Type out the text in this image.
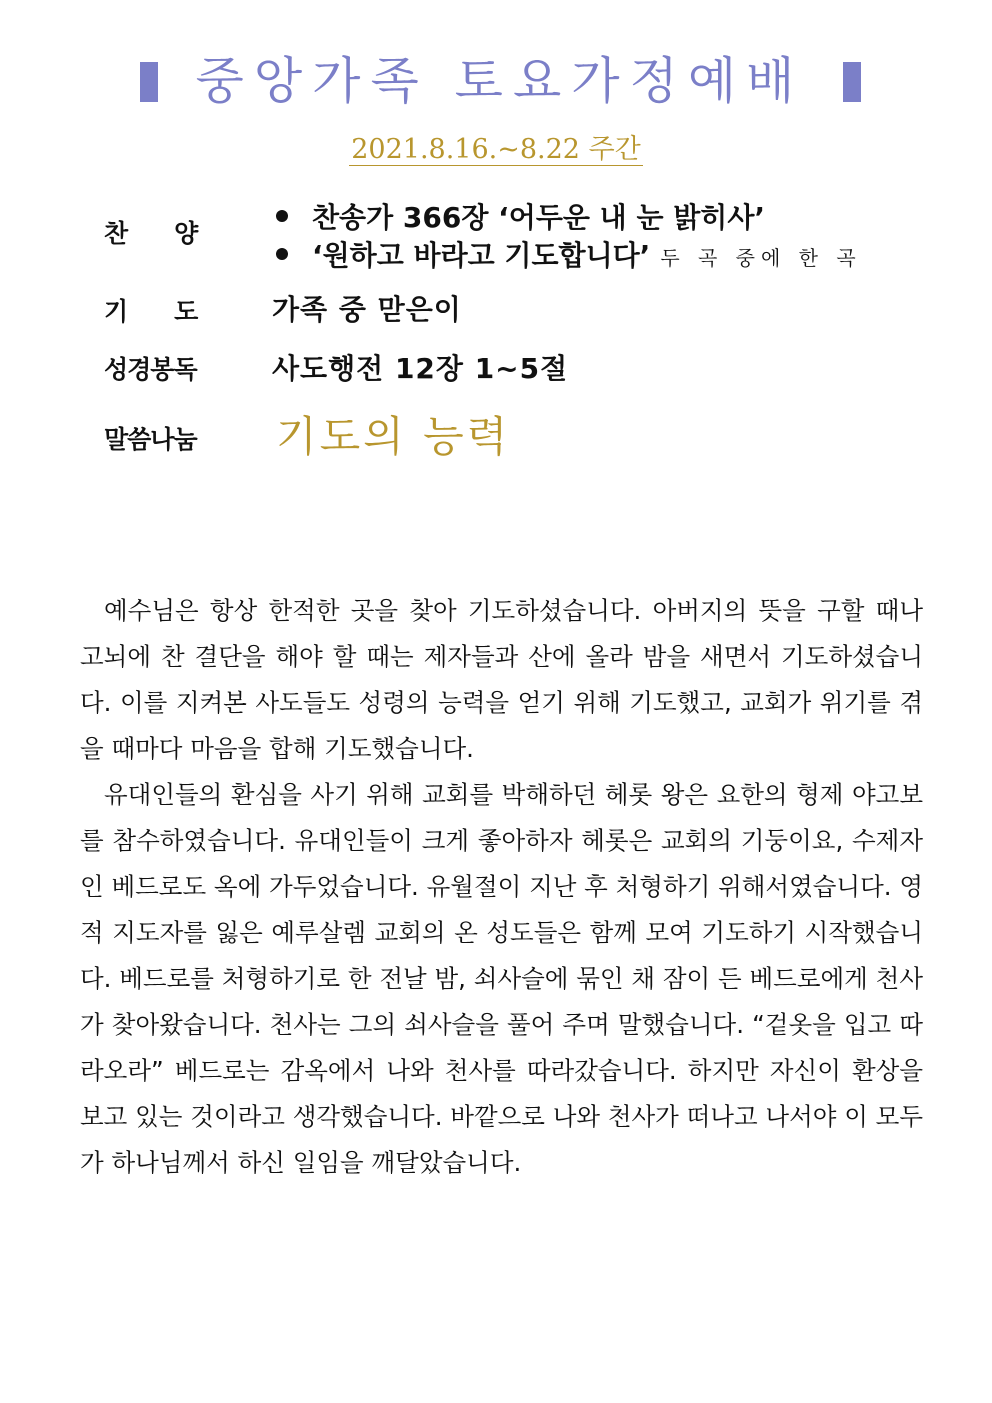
중앙가족 토요가정예배
2021.8.16.~8.22 주간
찬양	찬송가 366장 ‘어두운 내 눈 밝히사’
‘원하고 바라고 기도합니다’ 두 곡 중에 한 곡
기도 가족 중 맏은이
성경봉독	사도행전 12장 1~5절
말씀나눔 기도의 능력

예수님은 항상 한적한 곳을 찾아 기도하셨습니다. 아버지의 뜻을 구할 때나 고뇌에 찬 결단을 해야 할 때는 제자들과 산에 올라 밤을 새면서 기도하셨습니다. 이를 지켜본 사도들도 성령의 능력을 얻기 위해 기도했고, 교회가 위기를 겪을 때마다 마음을 합해 기도했습니다.

유대인들의 환심을 사기 위해 교회를 박해하던 헤롯 왕은 요한의 형제 야고보를 참수하였습니다. 유대인들이 크게 좋아하자 헤롯은 교회의 기둥이요, 수제자인 베드로도 옥에 가두었습니다. 유월절이 지난 후 처형하기 위해서였습니다. 영적 지도자를 잃은 예루살렘 교회의 온 성도들은 함께 모여 기도하기 시작했습니다. 베드로를 처형하기로 한 전날 밤, 쇠사슬에 묶인 채 잠이 든 베드로에게 천사가 찾아왔습니다. 천사는 그의 쇠사슬을 풀어 주며 말했습니다. “겉옷을 입고 따라오라” 베드로는 감옥에서 나와 천사를 따라갔습니다. 하지만 자신이 환상을 보고 있는 것이라고 생각했습니다. 바깥으로 나와 천사가 떠나고 나서야 이 모두가 하나님께서 하신 일임을 깨달았습니다.
